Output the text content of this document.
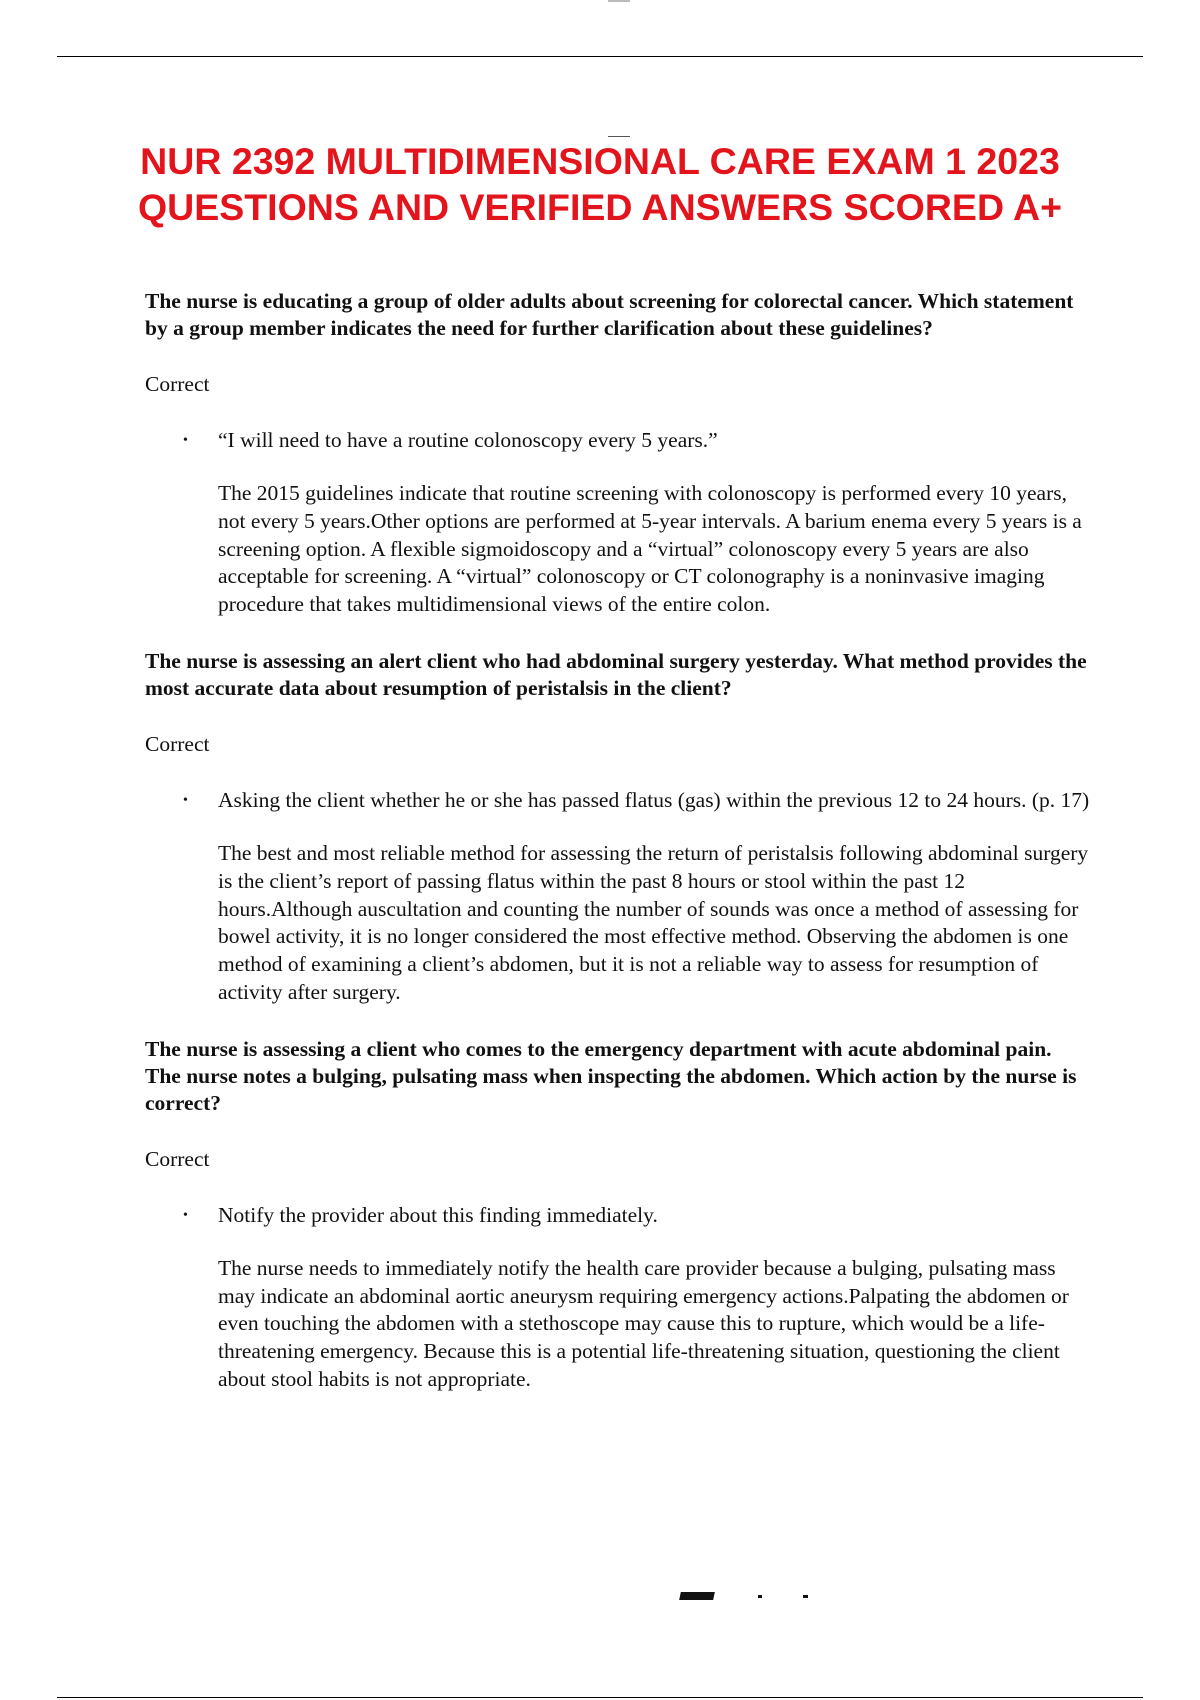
NUR 2392 MULTIDIMENSIONAL CARE EXAM 1 2023 QUESTIONS AND VERIFIED ANSWERS SCORED A+

The nurse is educating a group of older adults about screening for colorectal cancer. Which statement by a group member indicates the need for further clarification about these guidelines?

Correct

• “I will need to have a routine colonoscopy every 5 years.”

The 2015 guidelines indicate that routine screening with colonoscopy is performed every 10 years, not every 5 years.Other options are performed at 5-year intervals. A barium enema every 5 years is a screening option. A flexible sigmoidoscopy and a “virtual” colonoscopy every 5 years are also acceptable for screening. A “virtual” colonoscopy or CT colonography is a noninvasive imaging procedure that takes multidimensional views of the entire colon.

The nurse is assessing an alert client who had abdominal surgery yesterday. What method provides the most accurate data about resumption of peristalsis in the client?

Correct

• Asking the client whether he or she has passed flatus (gas) within the previous 12 to 24 hours. (p. 17)

The best and most reliable method for assessing the return of peristalsis following abdominal surgery is the client’s report of passing flatus within the past 8 hours or stool within the past 12 hours.Although auscultation and counting the number of sounds was once a method of assessing for bowel activity, it is no longer considered the most effective method. Observing the abdomen is one method of examining a client’s abdomen, but it is not a reliable way to assess for resumption of activity after surgery.

The nurse is assessing a client who comes to the emergency department with acute abdominal pain. The nurse notes a bulging, pulsating mass when inspecting the abdomen. Which action by the nurse is correct?

Correct

• Notify the provider about this finding immediately.

The nurse needs to immediately notify the health care provider because a bulging, pulsating mass may indicate an abdominal aortic aneurysm requiring emergency actions.Palpating the abdomen or even touching the abdomen with a stethoscope may cause this to rupture, which would be a life-threatening emergency. Because this is a potential life-threatening situation, questioning the client about stool habits is not appropriate.
